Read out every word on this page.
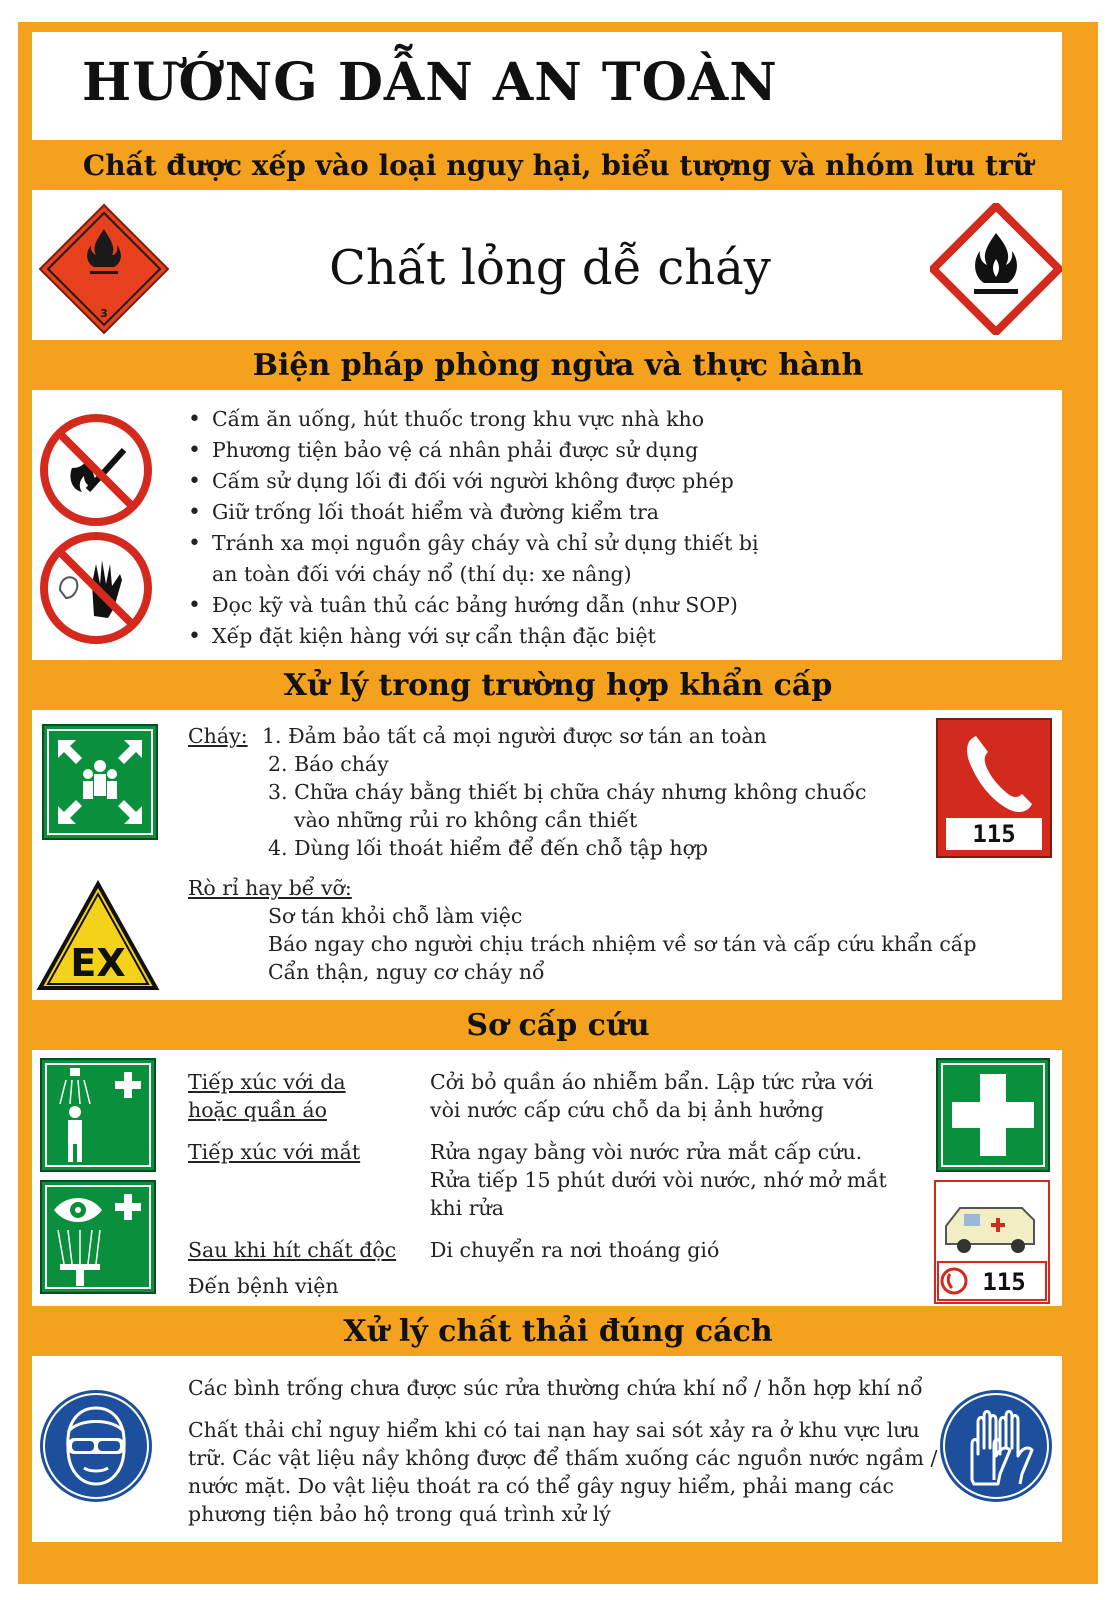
HƯỚNG DẪN AN TOÀN
Chất được xếp vào loại nguy hại, biểu tượng và nhóm lưu trữ
3
Chất lỏng dễ cháy
Biện pháp phòng ngừa và thực hành
• Cấm ăn uống, hút thuốc trong khu vực nhà kho
• Phương tiện bảo vệ cá nhân phải được sử dụng
• Cấm sử dụng lối đi đối với người không được phép
• Giữ trống lối thoát hiểm và đường kiểm tra
• Tránh xa mọi nguồn gây cháy và chỉ sử dụng thiết bị
an toàn đối với cháy nổ (thí dụ: xe nâng)
• Đọc kỹ và tuân thủ các bảng hướng dẫn (như SOP)
• Xếp đặt kiện hàng với sự cẩn thận đặc biệt
Xử lý trong trường hợp khẩn cấp
EX
115
Cháy: 1. Đảm bảo tất cả mọi người được sơ tán an toàn
2. Báo cháy
3. Chữa cháy bằng thiết bị chữa cháy nhưng không chuốc
vào những rủi ro không cần thiết
4. Dùng lối thoát hiểm để đến chỗ tập hợp
Rò rỉ hay bể vỡ:
Sơ tán khỏi chỗ làm việc
Báo ngay cho người chịu trách nhiệm về sơ tán và cấp cứu khẩn cấp
Cẩn thận, nguy cơ cháy nổ
Sơ cấp cứu
115
Tiếp xúc với da
hoặc quần áo
Cởi bỏ quần áo nhiễm bẩn. Lập tức rửa với
vòi nước cấp cứu chỗ da bị ảnh hưởng
Tiếp xúc với mắt	Rửa ngay bằng vòi nước rửa mắt cấp cứu.
Rửa tiếp 15 phút dưới vòi nước, nhớ mở mắt
khi rửa
Sau khi hít chất độc Di chuyển ra nơi thoáng gió
Đến bệnh viện
Xử lý chất thải đúng cách
Các bình trống chưa được súc rửa thường chứa khí nổ / hỗn hợp khí nổ
Chất thải chỉ nguy hiểm khi có tai nạn hay sai sót xảy ra ở khu vực lưu
trữ. Các vật liệu nầy không được để thấm xuống các nguồn nước ngầm /
nước mặt. Do vật liệu thoát ra có thể gây nguy hiểm, phải mang các
phương tiện bảo hộ trong quá trình xử lý
